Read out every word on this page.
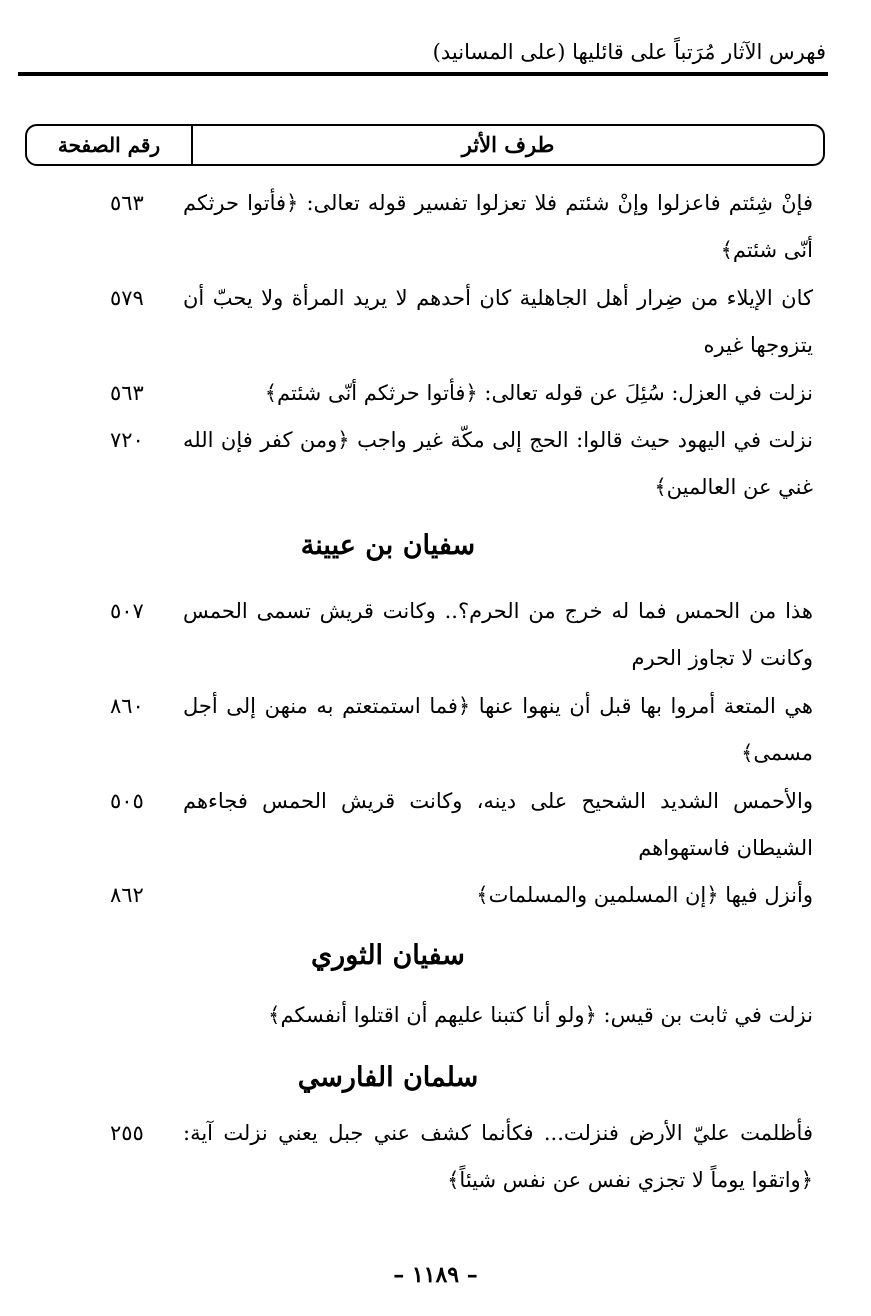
فهرس الآثار مُرَتباً على قائليها (على المسانيد)
طرف الأثر
رقم الصفحة
فإنْ شِئتم فاعزلوا وإنْ شئتم فلا تعزلوا تفسير قوله تعالى: ﴿فأتوا حرثكم أنّى شئتم﴾
٥٦٣
كان الإيلاء من ضِرار أهل الجاهلية كان أحدهم لا يريد المرأة ولا يحبّ أن يتزوجها غيره
٥٧٩
نزلت في العزل: سُئِلَ عن قوله تعالى: ﴿فأتوا حرثكم أنّى شئتم﴾
٥٦٣
نزلت في اليهود حيث قالوا: الحج إلى مكّة غير واجب ﴿ومن كفر فإن الله غني عن العالمين﴾
٧٢٠
سفيان بن عيينة
هذا من الحمس فما له خرج من الحرم؟.. وكانت قريش تسمى الحمس وكانت لا تجاوز الحرم
٥٠٧
هي المتعة أمروا بها قبل أن ينهوا عنها ﴿فما استمتعتم به منهن إلى أجل مسمى﴾
٨٦٠
والأحمس الشديد الشحيح على دينه، وكانت قريش الحمس فجاءهم الشيطان فاستهواهم
٥٠٥
وأنزل فيها ﴿إن المسلمين والمسلمات﴾
٨٦٢
سفيان الثوري
نزلت في ثابت بن قيس: ﴿ولو أنا كتبنا عليهم أن اقتلوا أنفسكم﴾
سلمان الفارسي
فأظلمت عليّ الأرض فنزلت... فكأنما كشف عني جبل يعني نزلت آية: ﴿واتقوا يوماً لا تجزي نفس عن نفس شيئاً﴾
٢٥٥
– ١١٨٩ –
